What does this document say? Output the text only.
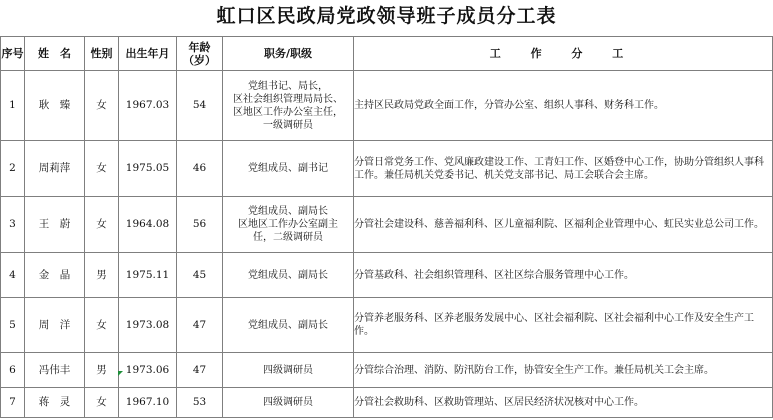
虹口区民政局党政领导班子成员分工表
序号	姓　名	性别	出生年月	年龄
（岁）	职务/职级	工 作 分 工
1	耿　臻	女	1967.03	54	党组书记、局长，
区社会组织管理局局长、
区地区工作办公室主任，
一级调研员	主持区民政局党政全面工作，分管办公室、组织人事科、财务科工作。
2	周莉萍	女	1975.05	46	党组成员、副书记	分管日常党务工作、党风廉政建设工作、工青妇工作、区婚登中心工作，协助分管组织人事科工作。兼任局机关党委书记、机关党支部书记、局工会联合会主席。
3	王　蔚	女	1964.08	56	党组成员、副局长
区地区工作办公室副主
任，二级调研员	分管社会建设科、慈善福利科、区儿童福利院、区福利企业管理中心、虹民实业总公司工作。
4	金　晶	男	1975.11	45	党组成员、副局长	分管基政科、社会组织管理科、区社区综合服务管理中心工作。
5	周　洋	女	1973.08	47	党组成员、副局长	分管养老服务科、区养老服务发展中心、区社会福利院、区社会福利中心工作及安全生产工作。
6	冯伟丰	男	1973.06	47	四级调研员	分管综合治理、消防、防汛防台工作，协管安全生产工作。兼任局机关工会主席。
7	蒋　灵	女	1967.10	53	四级调研员	分管社会救助科、区救助管理站、区居民经济状况核对中心工作。
